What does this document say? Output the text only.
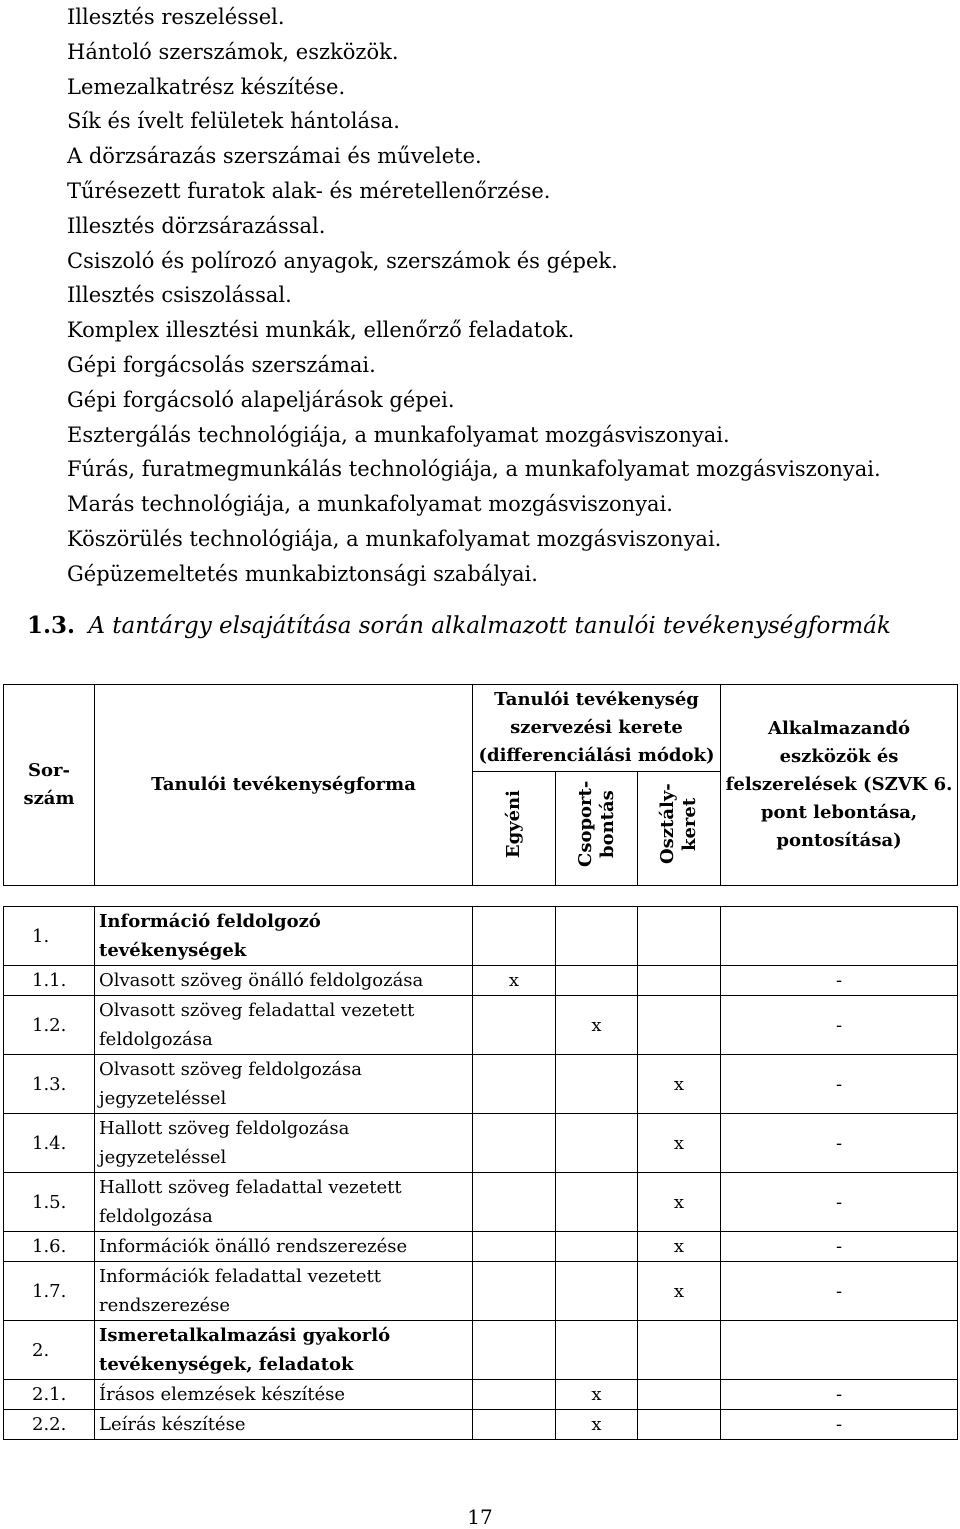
Illesztés reszeléssel.
Hántoló szerszámok, eszközök.
Lemezalkatrész készítése.
Sík és ívelt felületek hántolása.
A dörzsárazás szerszámai és művelete.
Tűrésezett furatok alak- és méretellenőrzése.
Illesztés dörzsárazással.
Csiszoló és polírozó anyagok, szerszámok és gépek.
Illesztés csiszolással.
Komplex illesztési munkák, ellenőrző feladatok.
Gépi forgácsolás szerszámai.
Gépi forgácsoló alapeljárások gépei.
Esztergálás technológiája, a munkafolyamat mozgásviszonyai.
Fúrás, furatmegmunkálás technológiája, a munkafolyamat mozgásviszonyai.
Marás technológiája, a munkafolyamat mozgásviszonyai.
Köszörülés technológiája, a munkafolyamat mozgásviszonyai.
Gépüzemeltetés munkabiztonsági szabályai.
1.3. A tantárgy elsajátítása során alkalmazott tanulói tevékenységformák
Sor-szám	Tanulói tevékenységforma	Tanulói tevékenység szervezési kerete (differenciálási módok)			Alkalmazandó eszközök és felszerelések (SZVK 6. pont lebontása, pontosítása)
		Egyéni	Csoport-bontás	Osztály-keret	

1.	Információ feldolgozó tevékenységek				
1.1.	Olvasott szöveg önálló feldolgozása	x			-
1.2.	Olvasott szöveg feladattal vezetett feldolgozása		x		-
1.3.	Olvasott szöveg feldolgozása jegyzeteléssel			x	-
1.4.	Hallott szöveg feldolgozása jegyzeteléssel			x	-
1.5.	Hallott szöveg feladattal vezetett feldolgozása			x	-
1.6.	Információk önálló rendszerezése			x	-
1.7.	Információk feladattal vezetett rendszerezése			x	-
2.	Ismeretalkalmazási gyakorló tevékenységek, feladatok				
2.1.	Írásos elemzések készítése		x		-
2.2.	Leírás készítése		x		-
17
